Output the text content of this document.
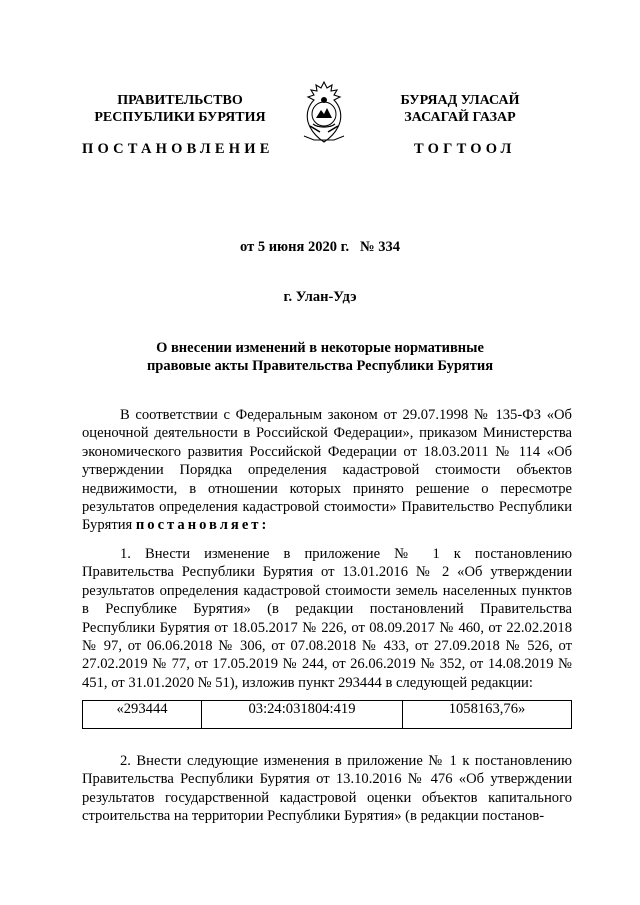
ПРАВИТЕЛЬСТВО
РЕСПУБЛИКИ БУРЯТИЯ
БУРЯАД УЛАСАЙ
ЗАСАГАЙ ГАЗАР
ПОСТАНОВЛЕНИЕ	ТОГТООЛ
от 5 июня 2020 г.   № 334
г. Улан-Удэ
О внесении изменений в некоторые нормативные
правовые акты Правительства Республики Бурятия

В соответствии с Федеральным законом от 29.07.1998 № 135-ФЗ «Об оценочной деятельности в Российской Федерации», приказом Министерства экономического развития Российской Федерации от 18.03.2011 № 114 «Об утверждении Порядка определения кадастровой стоимости объектов недвижимости, в отношении которых принято решение о пересмотре результатов определения кадастровой стоимости» Правительство Республики Бурятия постановляет:

1. Внести изменение в приложение № 1 к постановлению Правительства Республики Бурятия от 13.01.2016 № 2 «Об утверждении результатов определения кадастровой стоимости земель населенных пунктов в Республике Бурятия» (в редакции постановлений Правительства Республики Бурятия от 18.05.2017 № 226, от 08.09.2017 № 460, от 22.02.2018 № 97, от 06.06.2018 № 306, от 07.08.2018 № 433, от 27.09.2018 № 526, от 27.02.2019 № 77, от 17.05.2019 № 244, от 26.06.2019 № 352, от 14.08.2019 № 451, от 31.01.2020 № 51), изложив пункт 293444 в следующей редакции:

«293444	03:24:031804:419	1058163,76»

2. Внести следующие изменения в приложение № 1 к постановлению Правительства Республики Бурятия от 13.10.2016 № 476 «Об утверждении результатов государственной кадастровой оценки объектов капитального строительства на территории Республики Бурятия» (в редакции постанов-
